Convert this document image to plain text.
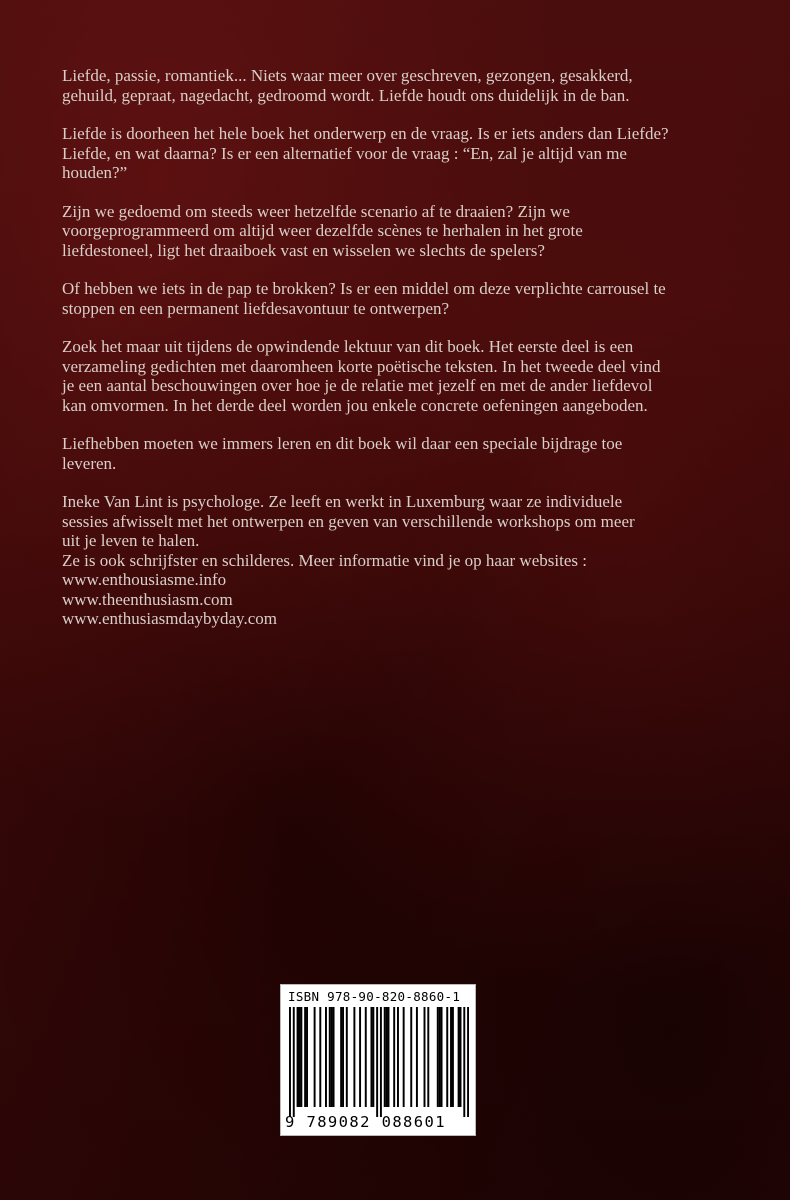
Liefde, passie, romantiek... Niets waar meer over geschreven, gezongen, gesakkerd,
gehuild, gepraat, nagedacht, gedroomd wordt. Liefde houdt ons duidelijk in de ban.

Liefde is doorheen het hele boek het onderwerp en de vraag. Is er iets anders dan Liefde?
Liefde, en wat daarna? Is er een alternatief voor de vraag : “En, zal je altijd van me
houden?”

Zijn we gedoemd om steeds weer hetzelfde scenario af te draaien? Zijn we
voorgeprogrammeerd om altijd weer dezelfde scènes te herhalen in het grote
liefdestoneel, ligt het draaiboek vast en wisselen we slechts de spelers?

Of hebben we iets in de pap te brokken? Is er een middel om deze verplichte carrousel te
stoppen en een permanent liefdesavontuur te ontwerpen?

Zoek het maar uit tijdens de opwindende lektuur van dit boek. Het eerste deel is een
verzameling gedichten met daaromheen korte poëtische teksten. In het tweede deel vind
je een aantal beschouwingen over hoe je de relatie met jezelf en met de ander liefdevol
kan omvormen. In het derde deel worden jou enkele concrete oefeningen aangeboden.

Liefhebben moeten we immers leren en dit boek wil daar een speciale bijdrage toe
leveren.

Ineke Van Lint is psychologe. Ze leeft en werkt in Luxemburg waar ze individuele
sessies afwisselt met het ontwerpen en geven van verschillende workshops om meer
uit je leven te halen.
Ze is ook schrijfster en schilderes. Meer informatie vind je op haar websites :
www.enthousiasme.info
www.theenthusiasm.com
www.enthusiasmdaybyday.com

ISBN 978-90-820-8860-1
9 789082 088601
